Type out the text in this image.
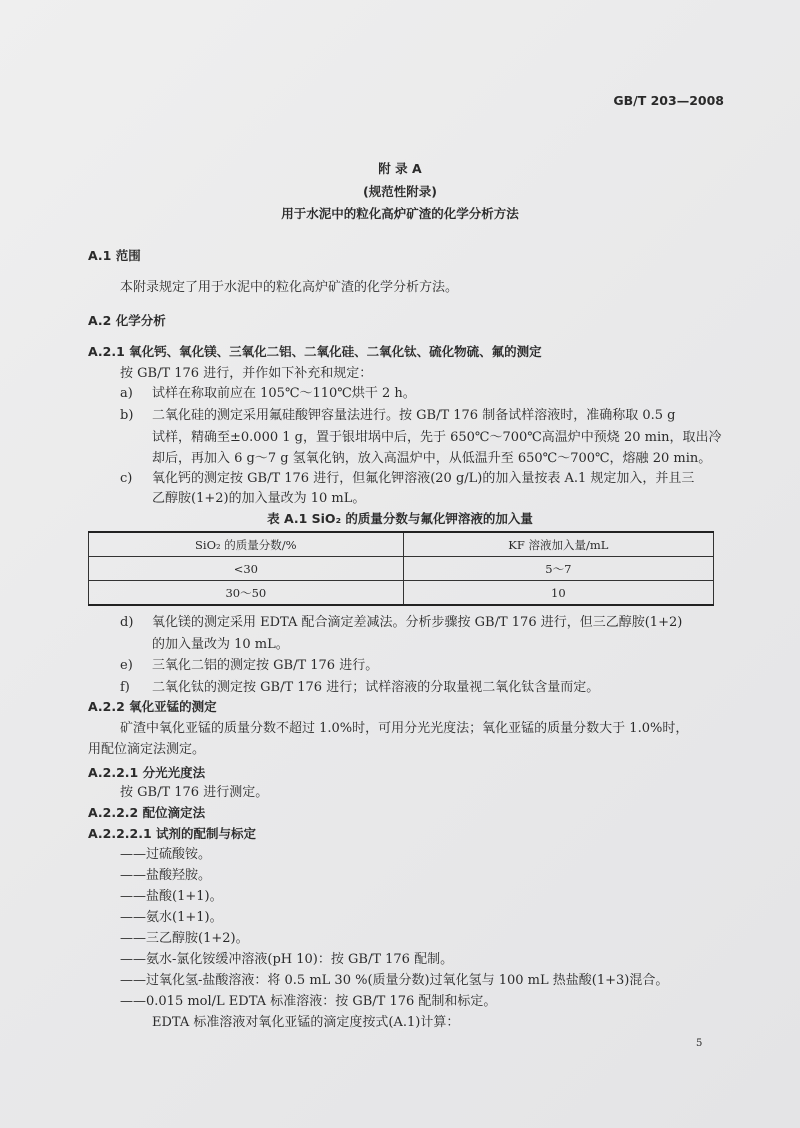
GB/T 203—2008
附 录 A
(规范性附录)
用于水泥中的粒化高炉矿渣的化学分析方法
A.1 范围
本附录规定了用于水泥中的粒化高炉矿渣的化学分析方法。
A.2 化学分析
A.2.1 氧化钙、氧化镁、三氧化二铝、二氧化硅、二氧化钛、硫化物硫、氟的测定
按 GB/T 176 进行，并作如下补充和规定：
a) 试样在称取前应在 105℃～110℃烘干 2 h。
b) 二氧化硅的测定采用氟硅酸钾容量法进行。按 GB/T 176 制备试样溶液时，准确称取 0.5 g
试样，精确至±0.000 1 g，置于银坩埚中后，先于 650℃～700℃高温炉中预烧 20 min，取出冷
却后，再加入 6 g～7 g 氢氧化钠，放入高温炉中，从低温升至 650℃～700℃，熔融 20 min。
c) 氧化钙的测定按 GB/T 176 进行，但氟化钾溶液(20 g/L)的加入量按表 A.1 规定加入，并且三
乙醇胺(1+2)的加入量改为 10 mL。
表 A.1 SiO₂ 的质量分数与氟化钾溶液的加入量
SiO₂ 的质量分数/%	KF 溶液加入量/mL
<30	5～7
30～50	10
d) 氧化镁的测定采用 EDTA 配合滴定差减法。分析步骤按 GB/T 176 进行，但三乙醇胺(1+2)
的加入量改为 10 mL。
e) 三氧化二铝的测定按 GB/T 176 进行。
f) 二氧化钛的测定按 GB/T 176 进行；试样溶液的分取量视二氧化钛含量而定。
A.2.2 氧化亚锰的测定
矿渣中氧化亚锰的质量分数不超过 1.0%时，可用分光光度法；氧化亚锰的质量分数大于 1.0%时，
用配位滴定法测定。
A.2.2.1 分光光度法
按 GB/T 176 进行测定。
A.2.2.2 配位滴定法
A.2.2.2.1 试剂的配制与标定
——过硫酸铵。
——盐酸羟胺。
——盐酸(1+1)。
——氨水(1+1)。
——三乙醇胺(1+2)。
——氨水-氯化铵缓冲溶液(pH 10)：按 GB/T 176 配制。
——过氧化氢-盐酸溶液：将 0.5 mL 30 %(质量分数)过氧化氢与 100 mL 热盐酸(1+3)混合。
——0.015 mol/L EDTA 标准溶液：按 GB/T 176 配制和标定。
EDTA 标准溶液对氧化亚锰的滴定度按式(A.1)计算：
5
